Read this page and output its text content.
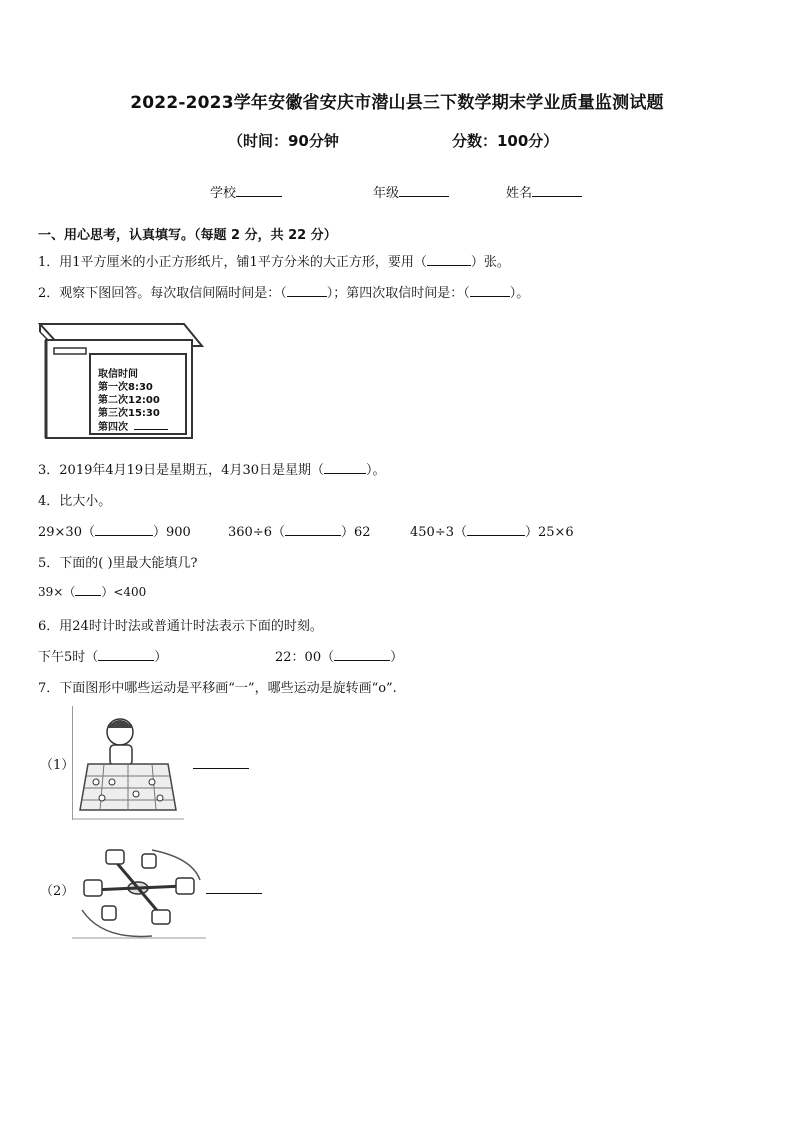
2022-2023学年安徽省安庆市潜山县三下数学期末学业质量监测试题
（时间：90分钟	分数：100分）
学校	年级	姓名
一、用心思考，认真填写。（每题 2 分，共 22 分）
1．用1平方厘米的小正方形纸片，铺1平方分米的大正方形，要用（	）张。
2．观察下图回答。每次取信间隔时间是：（	）；第四次取信时间是：（	）。
取信时间
第一次8:30
第二次12:00
第三次15:30
第四次
3．2019年4月19日是星期五，4月30日是星期（	）。
4．比大小。
29×30（	）900	360÷6（	）62	450÷3（	）25×6
5．下面的( )里最大能填几?
39×（ ）<400
6．用24时计时法或普通计时法表示下面的时刻。
下午5时（	）	22：00（	）
7．下面图形中哪些运动是平移画“一”，哪些运动是旋转画“o”.
（1）
（2）
